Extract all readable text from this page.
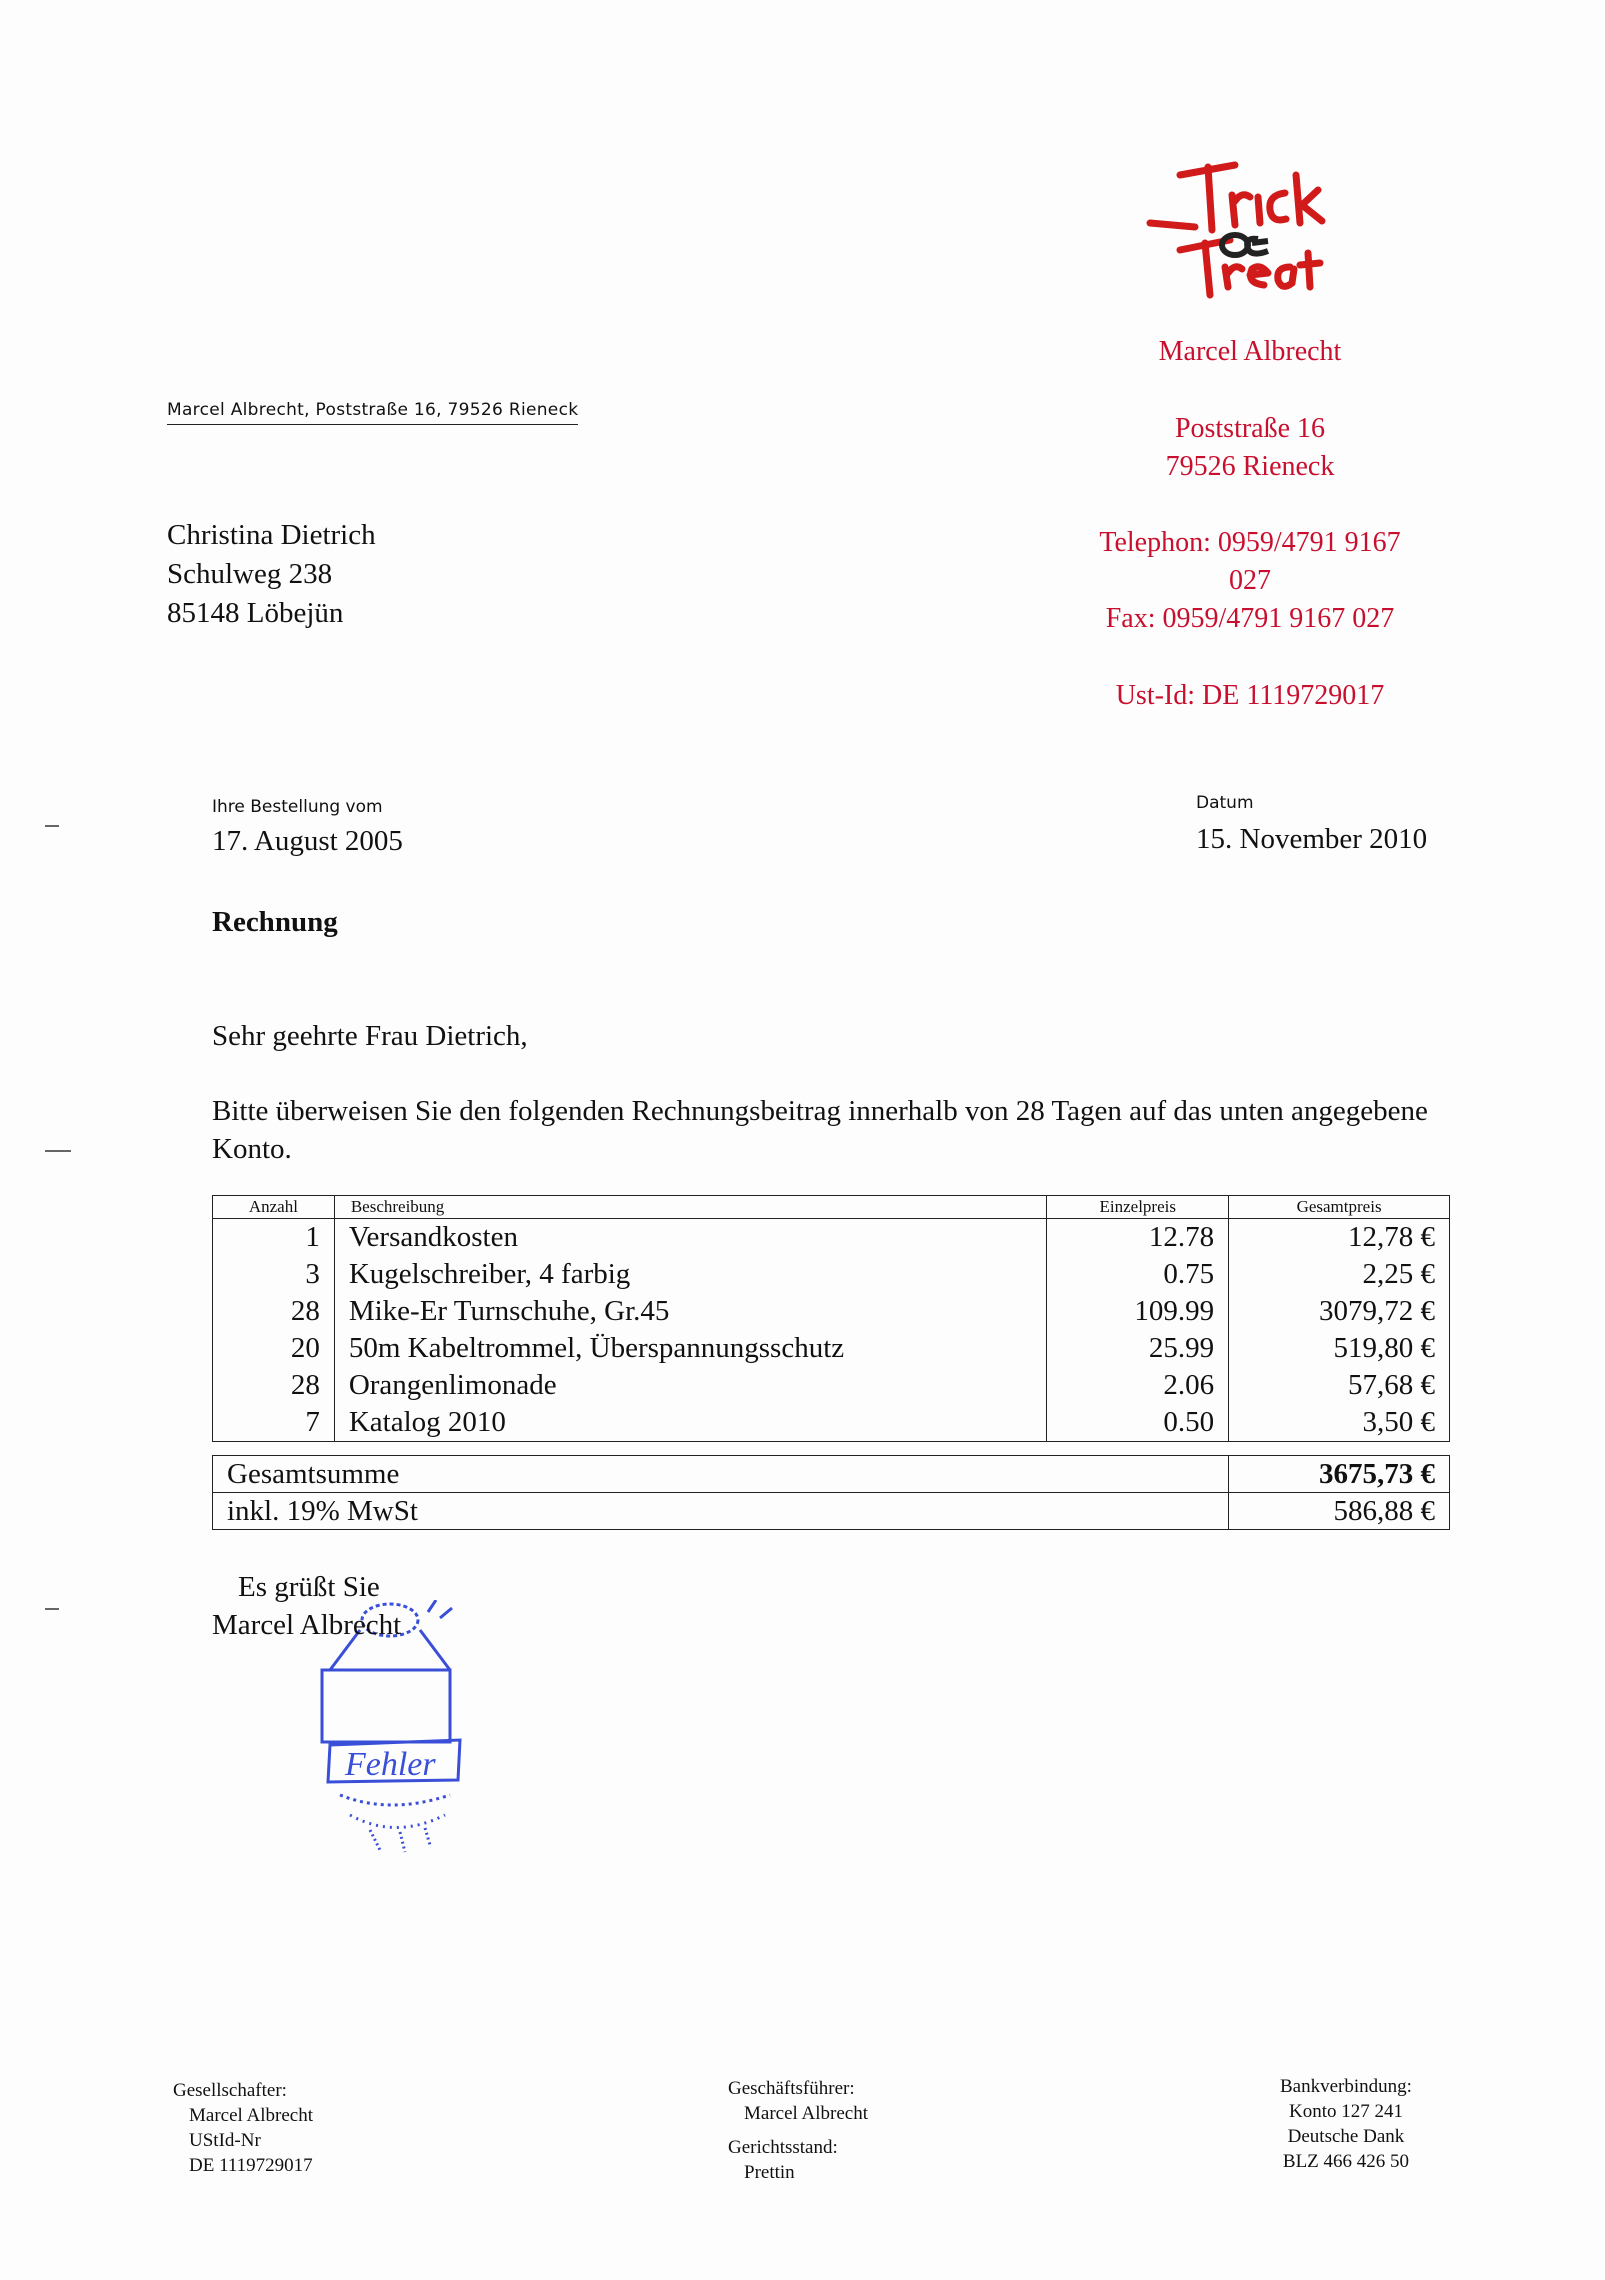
Marcel Albrecht, Poststraße 16, 79526 Rieneck
Christina Dietrich
Schulweg 238
85148 Löbejün
Marcel Albrecht
Poststraße 16
79526 Rieneck
Telephon: 0959/4791 9167
027
Fax: 0959/4791 9167 027
Ust-Id: DE 1119729017
Ihre Bestellung vom
17. August 2005
Datum
15. November 2010
Rechnung
Sehr geehrte Frau Dietrich,
Bitte überweisen Sie den folgenden Rechnungsbeitrag innerhalb von 28 Tagen auf das unten angegebene Konto.
Anzahl	Beschreibung	Einzelpreis	Gesamtpreis
1	Versandkosten	12.78	12,78 €
3	Kugelschreiber, 4 farbig	0.75	2,25 €
28	Mike-Er Turnschuhe, Gr.45	109.99	3079,72 €
20	50m Kabeltrommel, Überspannungsschutz	25.99	519,80 €
28	Orangenlimonade	2.06	57,68 €
7	Katalog 2010	0.50	3,50 €
Gesamtsumme	3675,73 €
inkl. 19% MwSt	586,88 €
Fehler
Es grüßt Sie
Marcel Albrecht
Gesellschafter:
Marcel Albrecht
UStId-Nr
DE 1119729017
Geschäftsführer:
Marcel Albrecht
Gerichtsstand:
Prettin
Bankverbindung:
Konto 127 241
Deutsche Dank
BLZ 466 426 50
